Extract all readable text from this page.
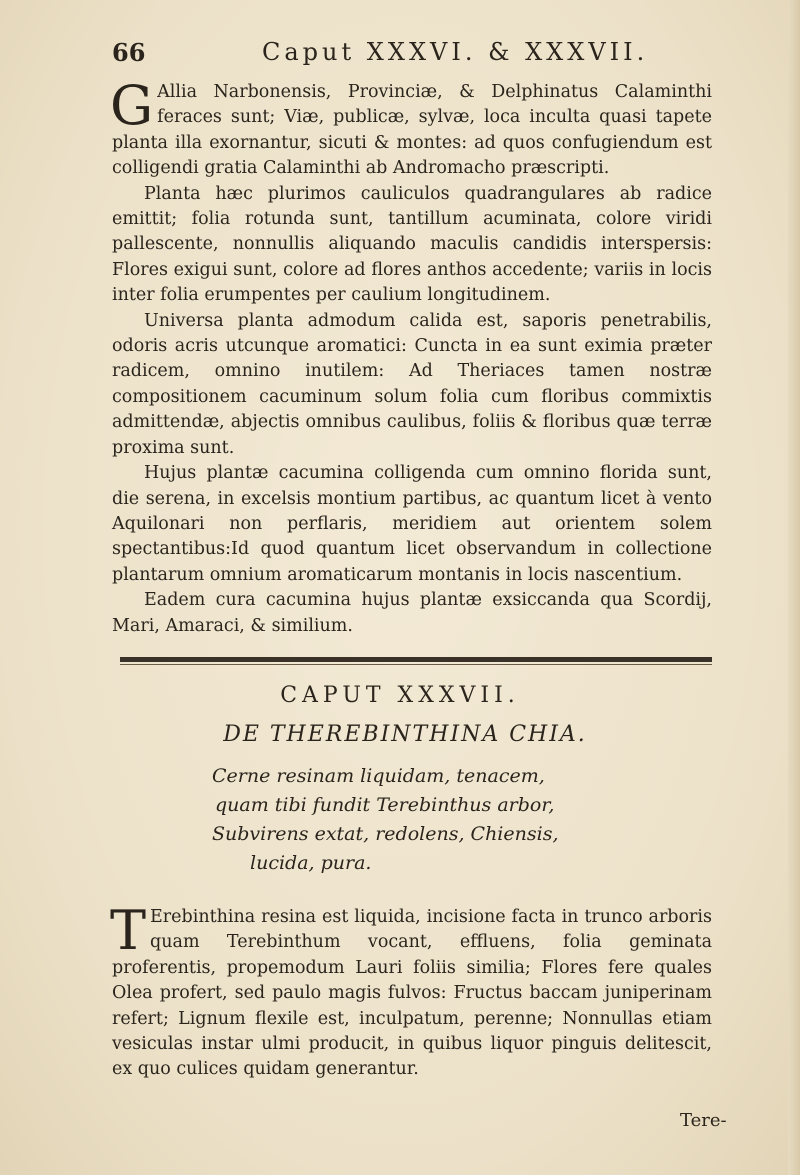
66	Caput XXXVI. & XXXVII.

G Allia Narbonensis, Provinciæ, & Delphinatus Calaminthi feraces sunt; Viæ, publicæ, sylvæ, loca inculta quasi tapete planta illa exornantur, sicuti & montes: ad quos confugiendum est colligendi gratia Calaminthi ab Andromacho præscripti.

Planta hæc plurimos cauliculos quadrangulares ab radice emittit; folia rotunda sunt, tantillum acuminata, colore viridi pallescente, nonnullis aliquando maculis candidis interspersis: Flores exigui sunt, colore ad flores anthos accedente; variis in locis inter folia erumpentes per caulium longitudinem.

Universa planta admodum calida est, saporis penetrabilis, odoris acris utcunque aromatici: Cuncta in ea sunt eximia præter radicem, omnino inutilem: Ad Theriaces tamen nostræ compositionem cacuminum solum folia cum floribus commixtis admittendæ, abjectis omnibus caulibus, foliis & floribus quæ terræ proxima sunt.

Hujus plantæ cacumina colligenda cum omnino florida sunt, die serena, in excelsis montium partibus, ac quantum licet à vento Aquilonari non perflaris, meridiem aut orientem solem spectantibus:Id quod quantum licet observandum in collectione plantarum omnium aromaticarum montanis in locis nascentium.

Eadem cura cacumina hujus plantæ exsiccanda qua Scordij, Mari, Amaraci, & similium.

CAPUT XXXVII.
DE THEREBINTHINA CHIA.
Cerne resinam liquidam, tenacem,
quam tibi fundit Terebinthus arbor,
Subvirens extat, redolens, Chiensis,
lucida, pura.

T Erebinthina resina est liquida, incisione facta in trunco arboris quam Terebinthum vocant, effluens, folia geminata proferentis, propemodum Lauri foliis similia; Flores fere quales Olea profert, sed paulo magis fulvos: Fructus baccam juniperinam refert; Lignum flexile est, inculpatum, perenne; Nonnullas etiam vesiculas instar ulmi producit, in quibus liquor pinguis delitescit, ex quo culices quidam generantur.

Tere-
